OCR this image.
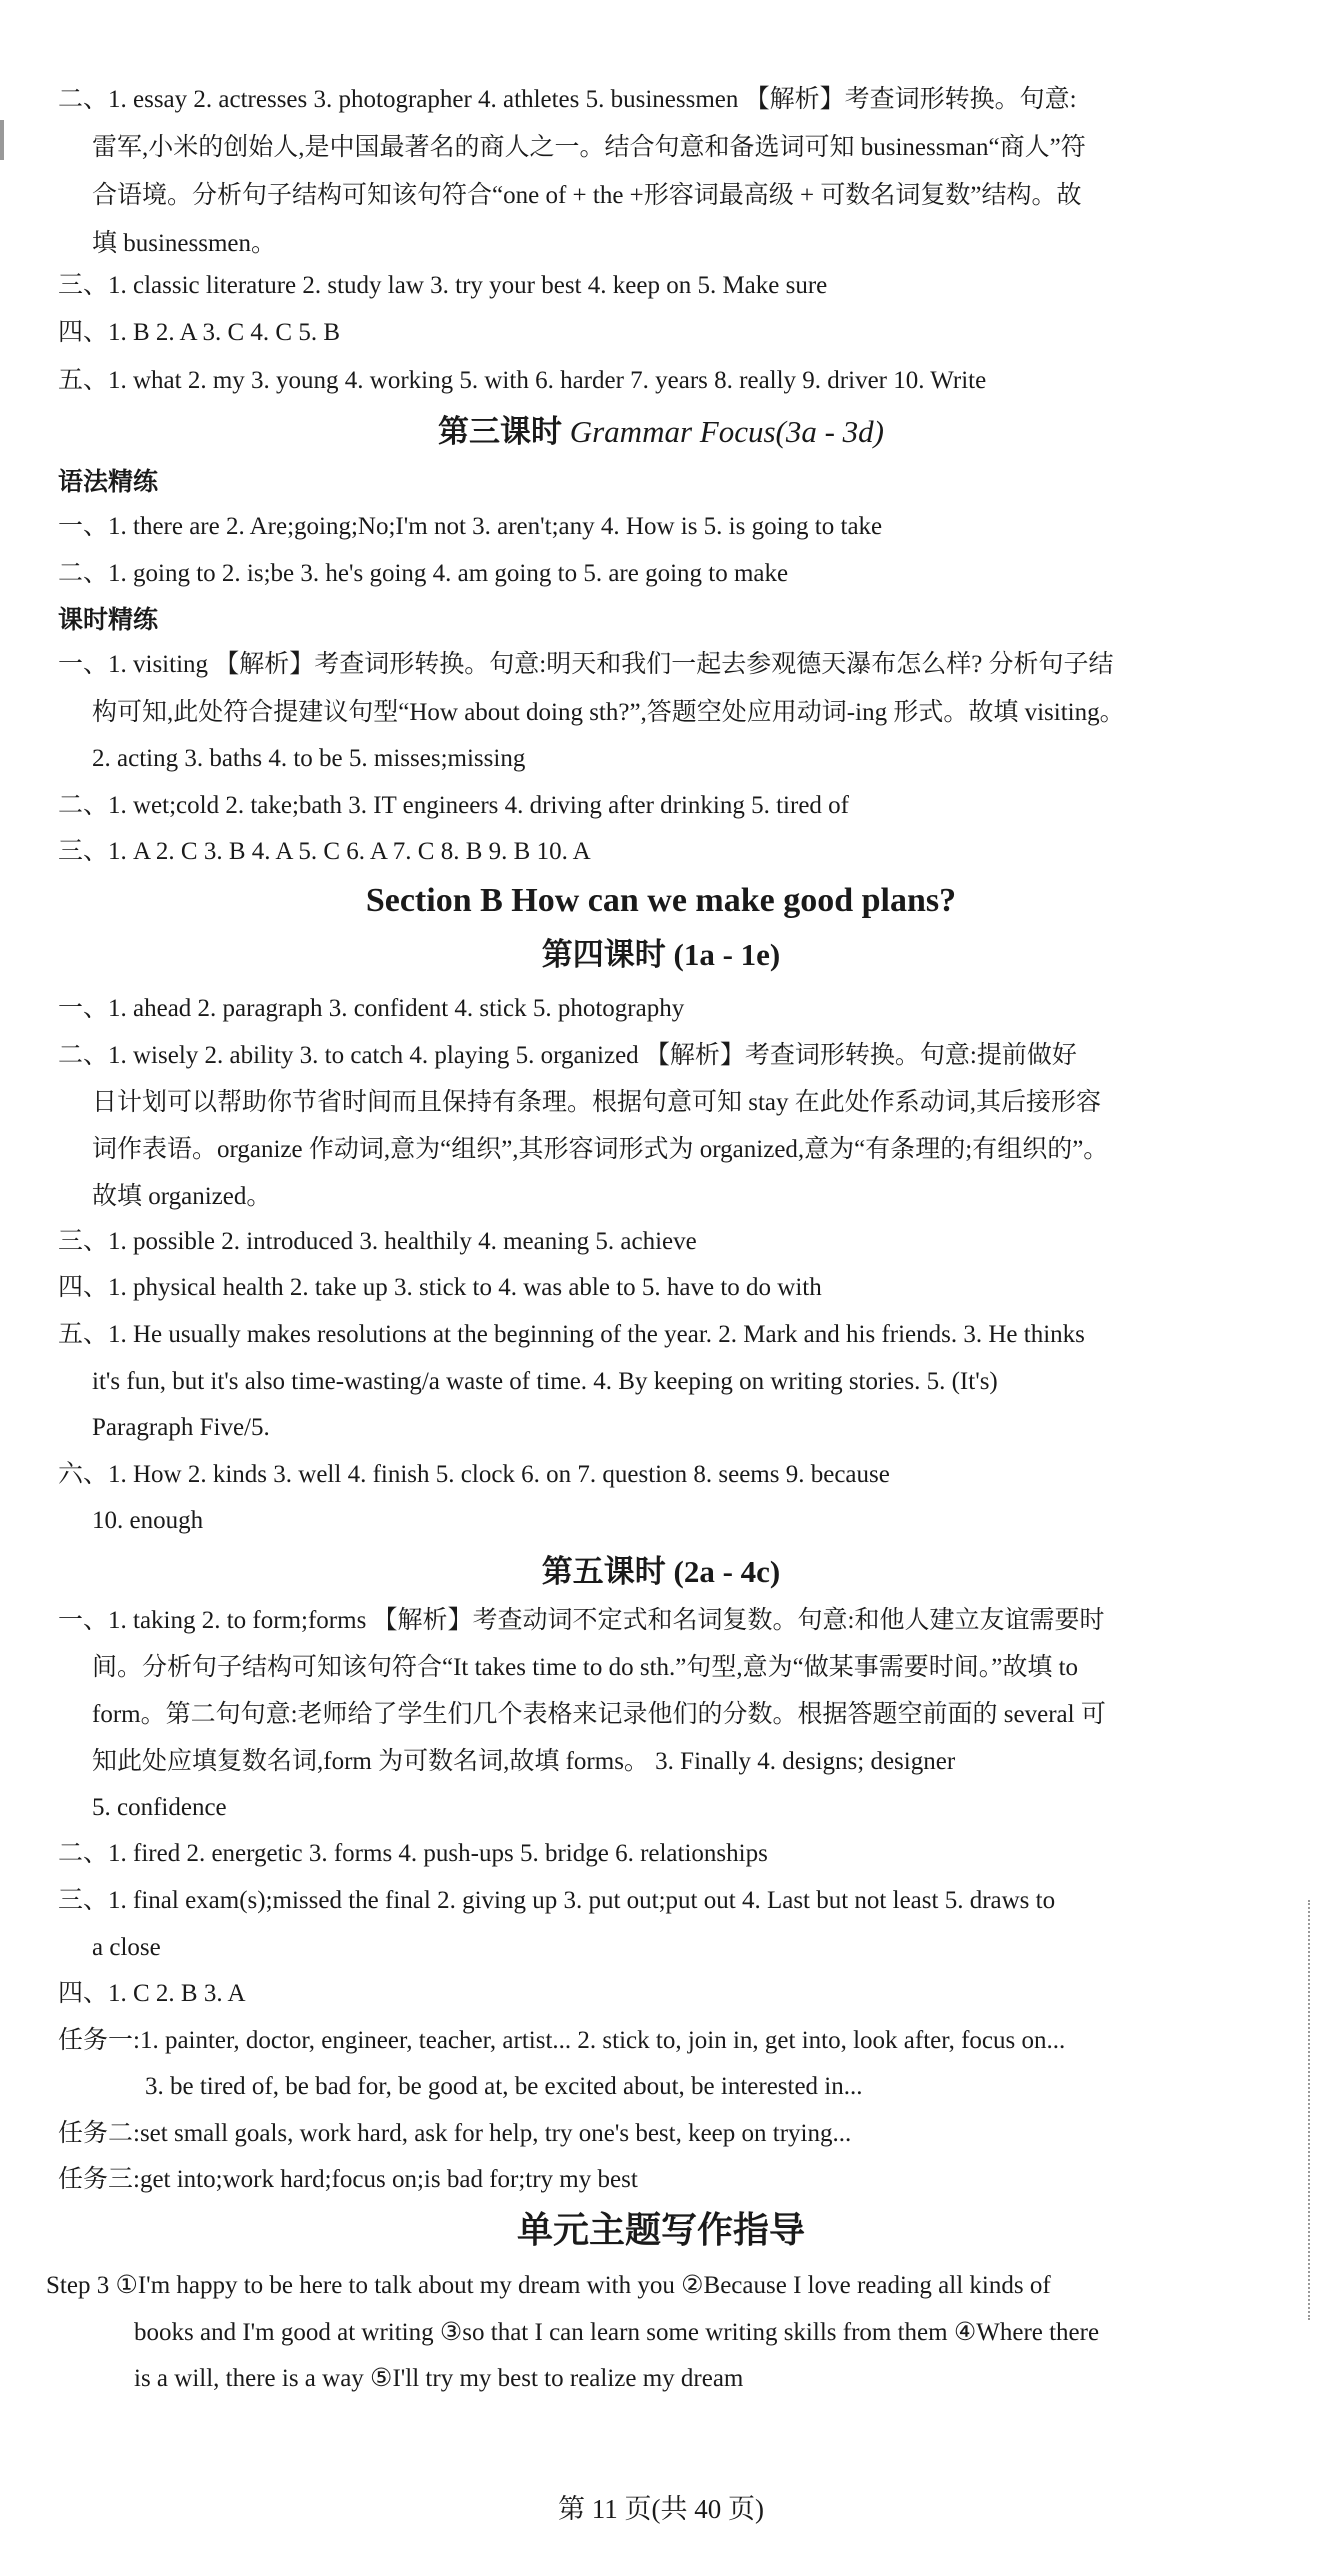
二、1. essay 2. actresses 3. photographer 4. athletes 5. businessmen 【解析】考查词形转换。句意:
雷军,小米的创始人,是中国最著名的商人之一。结合句意和备选词可知 businessman“商人”符
合语境。分析句子结构可知该句符合“one of + the +形容词最高级 + 可数名词复数”结构。故
填 businessmen。
三、1. classic literature 2. study law 3. try your best 4. keep on 5. Make sure
四、1. B 2. A 3. C 4. C 5. B
五、1. what 2. my 3. young 4. working 5. with 6. harder 7. years 8. really 9. driver 10. Write
第三课时 Grammar Focus(3a - 3d)
语法精练
一、1. there are 2. Are;going;No;I'm not 3. aren't;any 4. How is 5. is going to take
二、1. going to 2. is;be 3. he's going 4. am going to 5. are going to make
课时精练
一、1. visiting 【解析】考查词形转换。句意:明天和我们一起去参观德天瀑布怎么样? 分析句子结
构可知,此处符合提建议句型“How about doing sth?”,答题空处应用动词-ing 形式。故填 visiting。
2. acting 3. baths 4. to be 5. misses;missing
二、1. wet;cold 2. take;bath 3. IT engineers 4. driving after drinking 5. tired of
三、1. A 2. C 3. B 4. A 5. C 6. A 7. C 8. B 9. B 10. A
Section B How can we make good plans?
第四课时 (1a - 1e)
一、1. ahead 2. paragraph 3. confident 4. stick 5. photography
二、1. wisely 2. ability 3. to catch 4. playing 5. organized 【解析】考查词形转换。句意:提前做好
日计划可以帮助你节省时间而且保持有条理。根据句意可知 stay 在此处作系动词,其后接形容
词作表语。organize 作动词,意为“组织”,其形容词形式为 organized,意为“有条理的;有组织的”。
故填 organized。
三、1. possible 2. introduced 3. healthily 4. meaning 5. achieve
四、1. physical health 2. take up 3. stick to 4. was able to 5. have to do with
五、1. He usually makes resolutions at the beginning of the year. 2. Mark and his friends. 3. He thinks
it's fun, but it's also time-wasting/a waste of time. 4. By keeping on writing stories. 5. (It's)
Paragraph Five/5.
六、1. How 2. kinds 3. well 4. finish 5. clock 6. on 7. question 8. seems 9. because
10. enough
第五课时 (2a - 4c)
一、1. taking 2. to form;forms 【解析】考查动词不定式和名词复数。句意:和他人建立友谊需要时
间。分析句子结构可知该句符合“It takes time to do sth.”句型,意为“做某事需要时间。”故填 to
form。第二句句意:老师给了学生们几个表格来记录他们的分数。根据答题空前面的 several 可
知此处应填复数名词,form 为可数名词,故填 forms。 3. Finally 4. designs; designer
5. confidence
二、1. fired 2. energetic 3. forms 4. push-ups 5. bridge 6. relationships
三、1. final exam(s);missed the final 2. giving up 3. put out;put out 4. Last but not least 5. draws to
a close
四、1. C 2. B 3. A
任务一:1. painter, doctor, engineer, teacher, artist... 2. stick to, join in, get into, look after, focus on...
3. be tired of, be bad for, be good at, be excited about, be interested in...
任务二:set small goals, work hard, ask for help, try one's best, keep on trying...
任务三:get into;work hard;focus on;is bad for;try my best
单元主题写作指导
Step 3 ①I'm happy to be here to talk about my dream with you ②Because I love reading all kinds of
books and I'm good at writing ③so that I can learn some writing skills from them ④Where there
is a will, there is a way ⑤I'll try my best to realize my dream
第 11 页(共 40 页)
